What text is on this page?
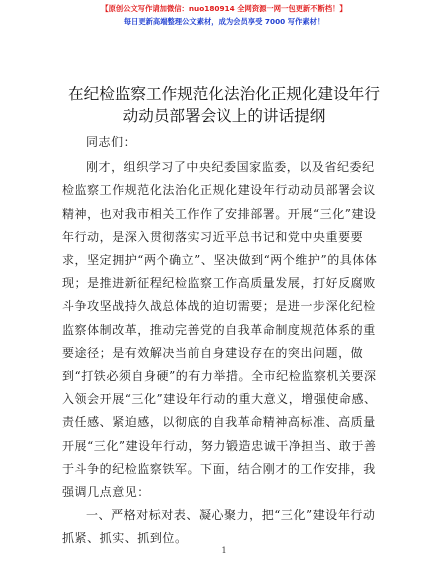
【原创公文写作请加微信：nuo180914 全网资源一网一包更新不断档！】
每日更新高端整理公文素材，成为会员享受 7000 写作素材！
在纪检监察工作规范化法治化正规化建设年行
动动员部署会议上的讲话提纲

同志们：

刚才，组织学习了中央纪委国家监委，以及省纪委纪检监察工作规范化法治化正规化建设年行动动员部署会议精神，也对我市相关工作作了安排部署。开展“三化”建设年行动，是深入贯彻落实习近平总书记和党中央重要要求，坚定拥护“两个确立”、坚决做到“两个维护”的具体体现；是推进新征程纪检监察工作高质量发展，打好反腐败斗争攻坚战持久战总体战的迫切需要；是进一步深化纪检监察体制改革，推动完善党的自我革命制度规范体系的重要途径；是有效解决当前自身建设存在的突出问题，做到“打铁必须自身硬”的有力举措。全市纪检监察机关要深入领会开展“三化”建设年行动的重大意义，增强使命感、责任感、紧迫感，以彻底的自我革命精神高标准、高质量开展“三化”建设年行动，努力锻造忠诚干净担当、敢于善于斗争的纪检监察铁军。下面，结合刚才的工作安排，我强调几点意见：

一、严格对标对表、凝心聚力，把“三化”建设年行动抓紧、抓实、抓到位。

1
